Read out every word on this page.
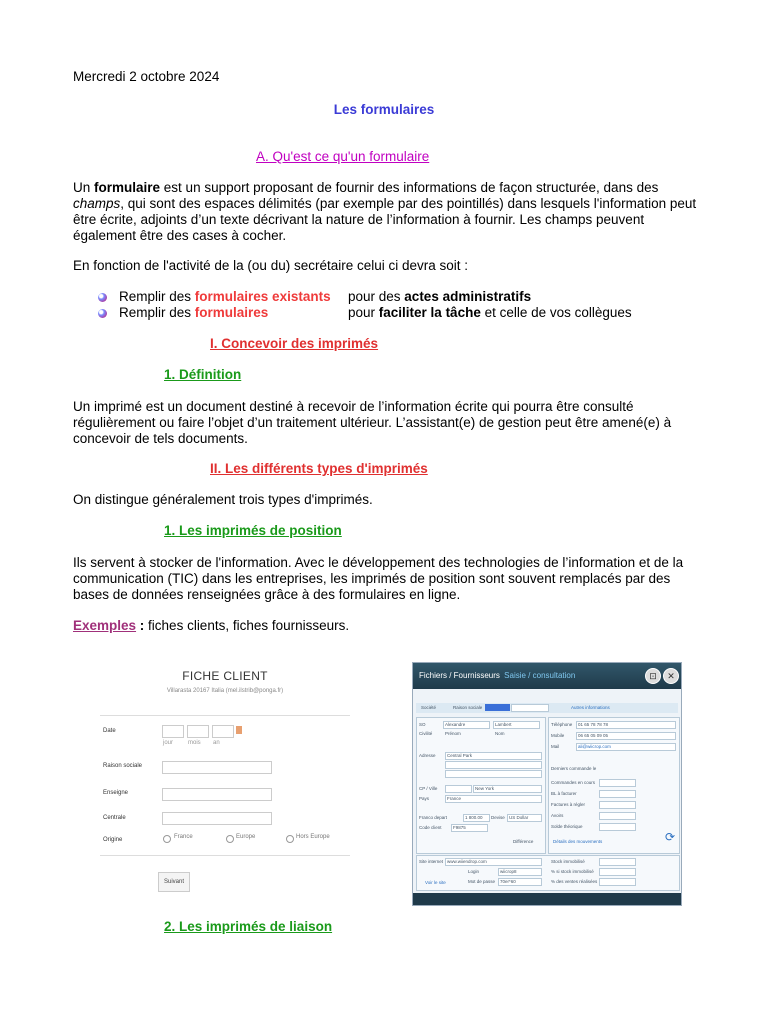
Mercredi 2 octobre 2024
Les formulaires
A. Qu'est ce qu'un formulaire

Un formulaire est un support proposant de fournir des informations de façon structurée, dans des champs, qui sont des espaces délimités (par exemple par des pointillés) dans lesquels l'information peut être écrite, adjoints d’un texte décrivant la nature de l’information à fournir. Les champs peuvent également être des cases à cocher.

En fonction de l'activité de la (ou du) secrétaire celui ci devra soit :

Remplir des formulaires existants pour des actes administratifs
Remplir des formulaires	pour faciliter la tâche et celle de vos collègues
I. Concevoir des imprimés
1. Définition

Un imprimé est un document destiné à recevoir de l’information écrite qui pourra être consulté régulièrement ou faire l’objet d’un traitement ultérieur. L’assistant(e) de gestion peut être amené(e) à concevoir de tels documents.

II. Les différents types d'imprimés

On distingue généralement trois types d'imprimés.

1. Les imprimés de position

Ils servent à stocker de l'information. Avec le développement des technologies de l’information et de la communication (TIC) dans les entreprises, les imprimés de position sont souvent remplacés par des bases de données renseignées grâce à des formulaires en ligne.

Exemples : fiches clients, fiches fournisseurs.

FICHE CLIENT
Villarasta 20167 Italia (mel.ilstrib@ponga.fr)
Date
jour mois an
Raison sociale
Enseigne
Centrale
Origine	France	Europe	Hors Europe
Suivant
Fichiers / Fournisseurs Saisie / consultation	⊡	✕
Société	Raison sociale	Autres informations
SO	Alexandre	Lambert
Civilité	Prénom	Nom
Adresse	Central Park
CP / Ville	New York
Pays	France
Franco depart	1 800.00 Devise US Dollar
Code client	F9875
Différence
Téléphone 01 65 78 78 78
Mobile	06 65 05 09 05
Mail	ali@wiicrop.com
Derniers commande le
Commandes en cours
BL à facturer
Factures à régler
Avoirs
Solde théorique
Détails des mouvements	⟳
Site internet www.wiiendrop.com
Login	wiicrop8
Mot de passe 70er*60
Voir le site
Stock immobilisé
% si stock immobilisé
% des ventes réalisées
2. Les imprimés de liaison
